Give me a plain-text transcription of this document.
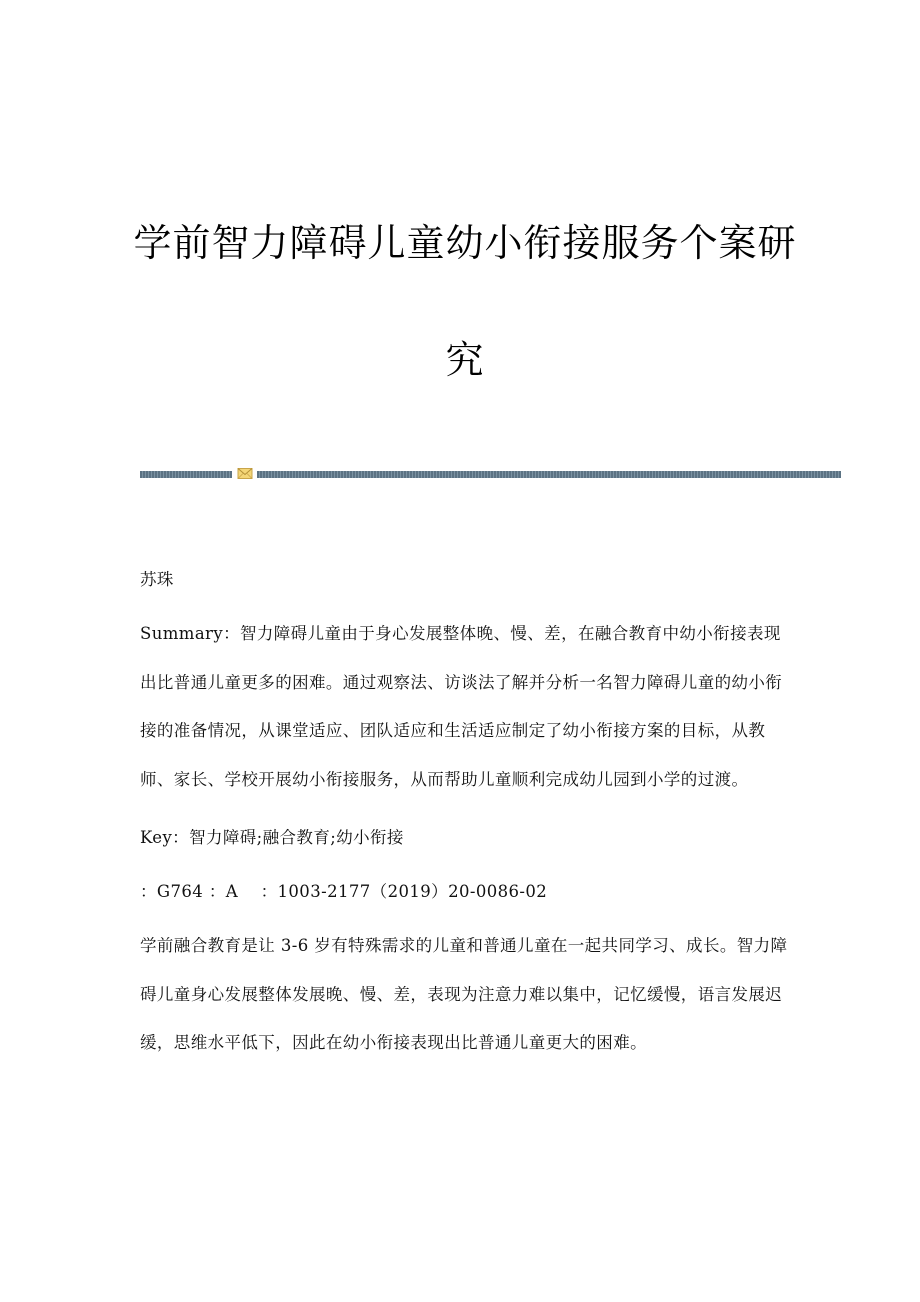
学前智力障碍儿童幼小衔接服务个案研究

苏珠

Summary：智力障碍儿童由于身心发展整体晚、慢、差，在融合教育中幼小衔接表现出比普通儿童更多的困难。通过观察法、访谈法了解并分析一名智力障碍儿童的幼小衔接的准备情况，从课堂适应、团队适应和生活适应制定了幼小衔接方案的目标，从教师、家长、学校开展幼小衔接服务，从而帮助儿童顺利完成幼儿园到小学的过渡。

Key：智力障碍;融合教育;幼小衔接

：G764 ：A    ：1003-2177（2019）20-0086-02

学前融合教育是让 3-6 岁有特殊需求的儿童和普通儿童在一起共同学习、成长。智力障碍儿童身心发展整体发展晚、慢、差，表现为注意力难以集中，记忆缓慢，语言发展迟缓，思维水平低下，因此在幼小衔接表现出比普通儿童更大的困难。
